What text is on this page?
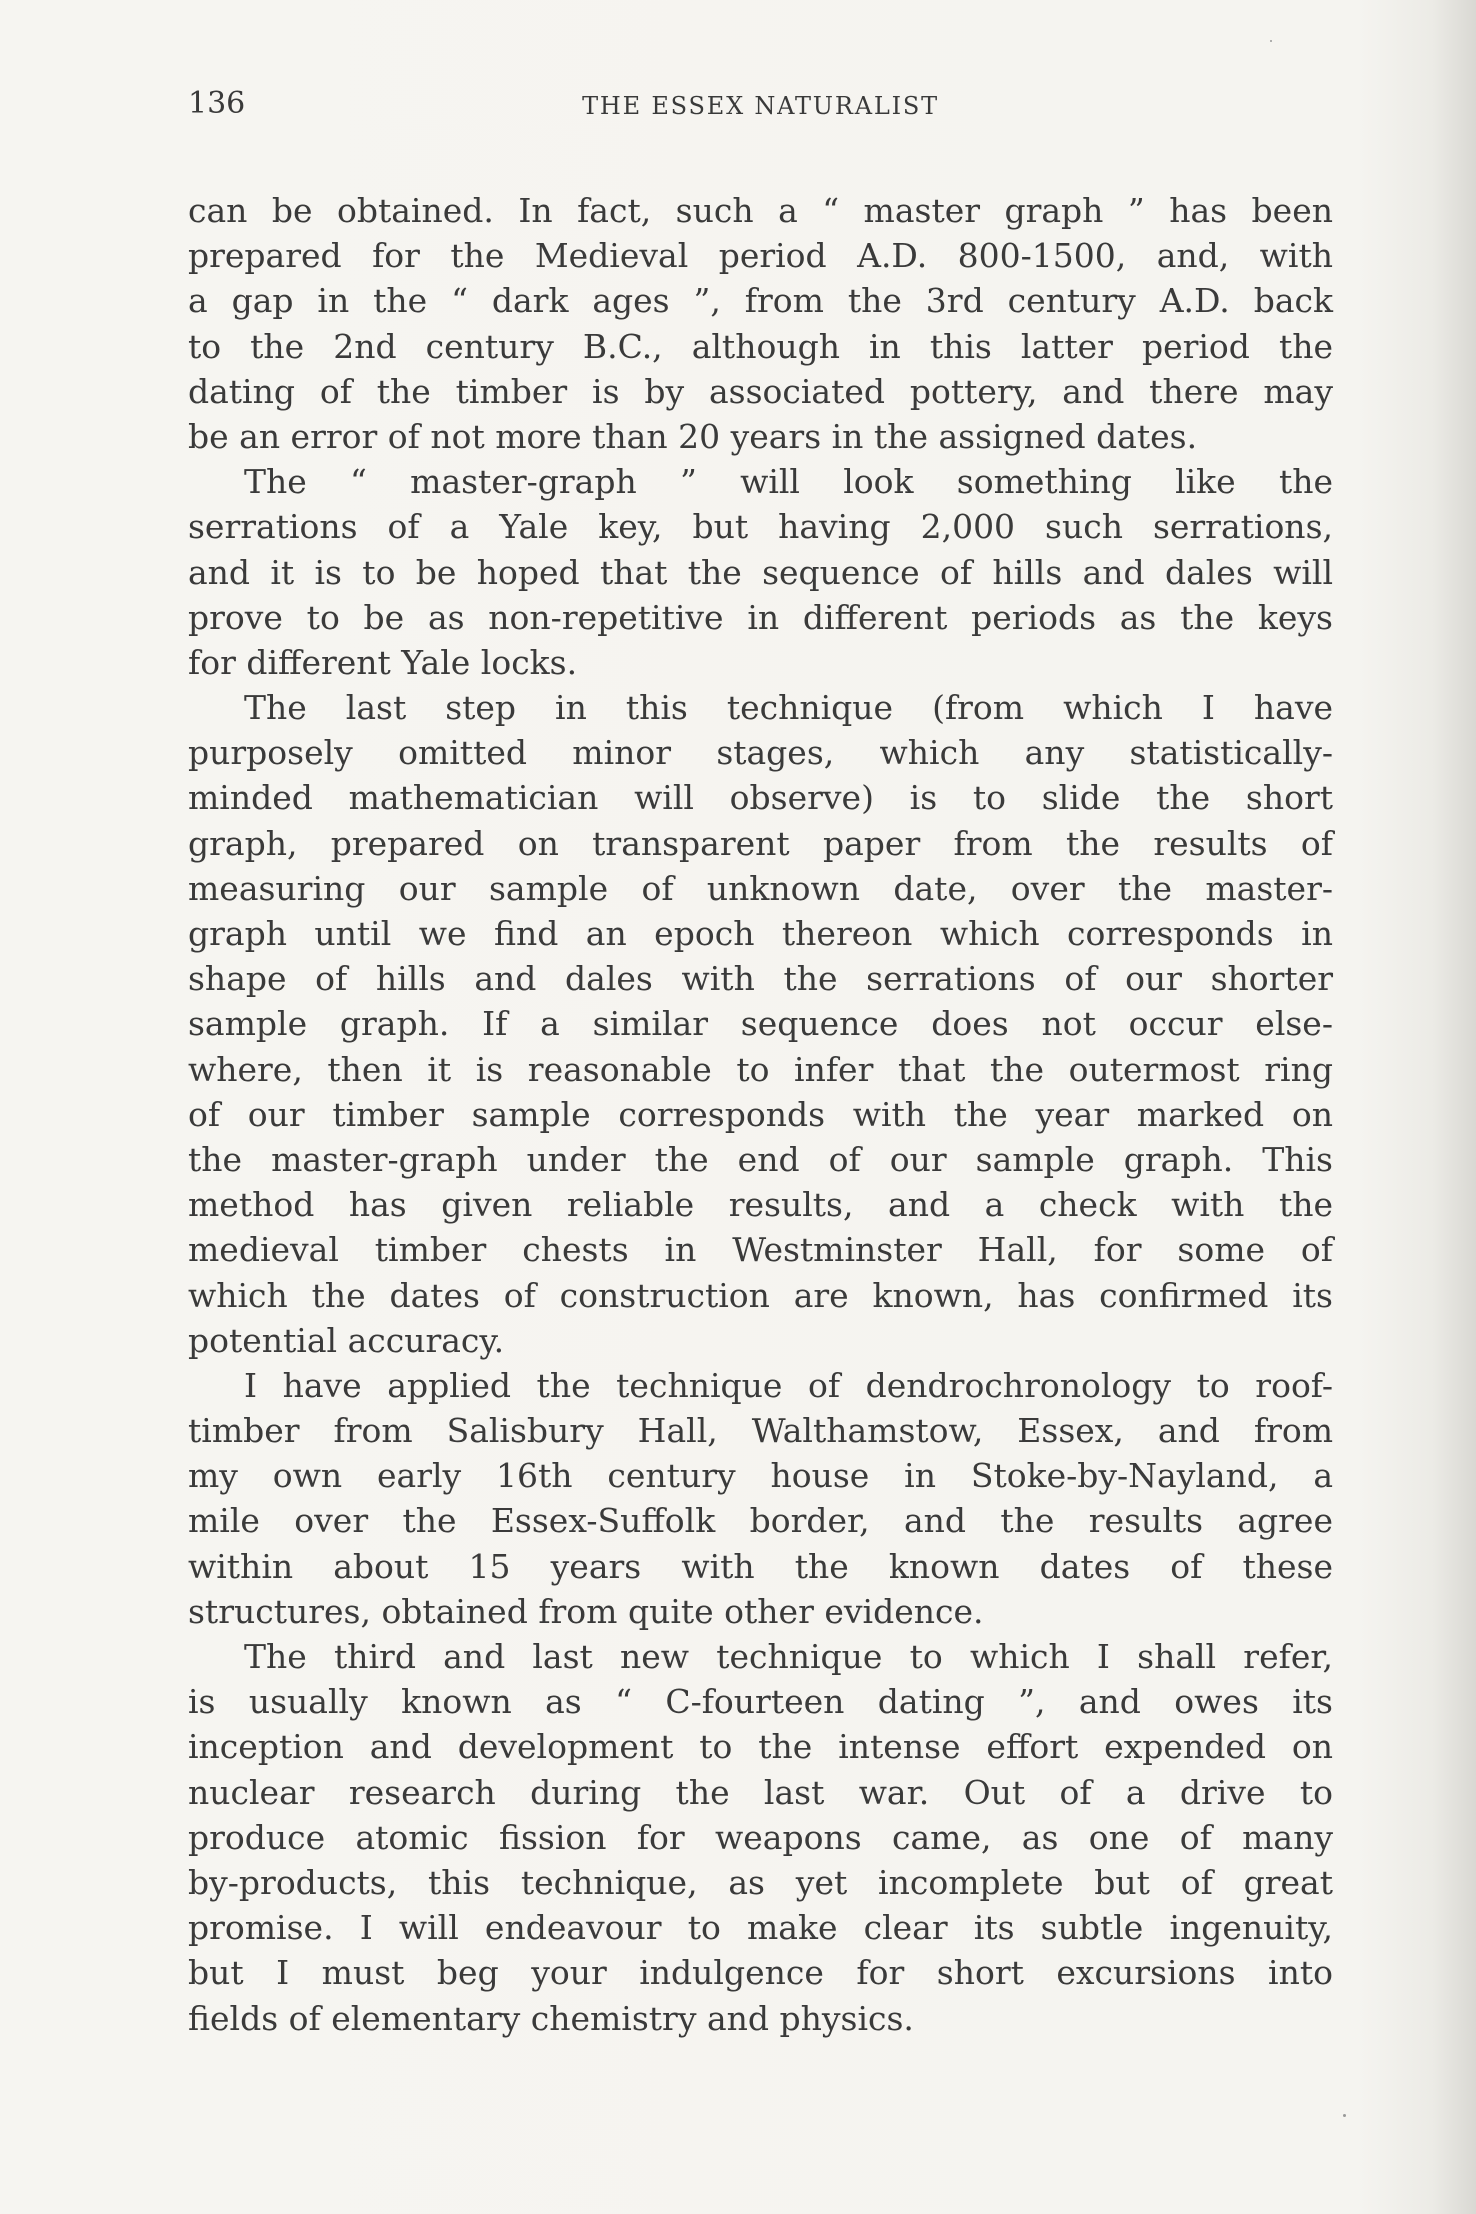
136	THE ESSEX NATURALIST
can be obtained. In fact, such a “ master graph ” has been
prepared for the Medieval period A.D. 800-1500, and, with
a gap in the “ dark ages ”, from the 3rd century A.D. back
to the 2nd century B.C., although in this latter period the
dating of the timber is by associated pottery, and there may
be an error of not more than 20 years in the assigned dates.
The “ master-graph ” will look something like the
serrations of a Yale key, but having 2,000 such serrations,
and it is to be hoped that the sequence of hills and dales will
prove to be as non-repetitive in different periods as the keys
for different Yale locks.
The last step in this technique (from which I have
purposely omitted minor stages, which any statistically-
minded mathematician will observe) is to slide the short
graph, prepared on transparent paper from the results of
measuring our sample of unknown date, over the master-
graph until we find an epoch thereon which corresponds in
shape of hills and dales with the serrations of our shorter
sample graph. If a similar sequence does not occur else-
where, then it is reasonable to infer that the outermost ring
of our timber sample corresponds with the year marked on
the master-graph under the end of our sample graph. This
method has given reliable results, and a check with the
medieval timber chests in Westminster Hall, for some of
which the dates of construction are known, has confirmed its
potential accuracy.
I have applied the technique of dendrochronology to roof-
timber from Salisbury Hall, Walthamstow, Essex, and from
my own early 16th century house in Stoke-by-Nayland, a
mile over the Essex-Suffolk border, and the results agree
within about 15 years with the known dates of these
structures, obtained from quite other evidence.
The third and last new technique to which I shall refer,
is usually known as “ C-fourteen dating ”, and owes its
inception and development to the intense effort expended on
nuclear research during the last war. Out of a drive to
produce atomic fission for weapons came, as one of many
by-products, this technique, as yet incomplete but of great
promise. I will endeavour to make clear its subtle ingenuity,
but I must beg your indulgence for short excursions into
fields of elementary chemistry and physics.
